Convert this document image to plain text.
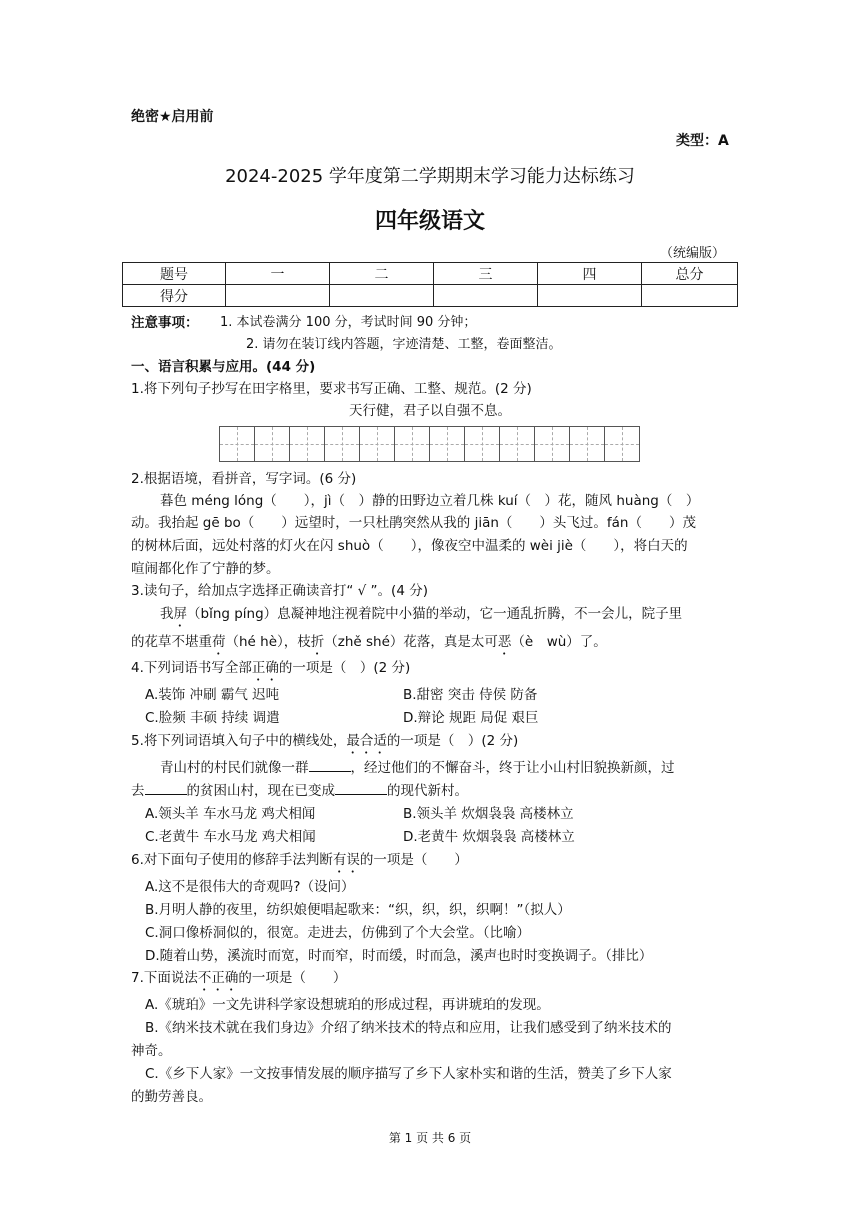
绝密★启用前
类型：A
2024-2025 学年度第二学期期末学习能力达标练习
四年级语文
（统编版）
题号	一	二	三	四	总分
得分					
注意事项： 1. 本试卷满分 100 分，考试时间 90 分钟；
2. 请勿在装订线内答题，字迹清楚、工整，卷面整洁。
一、语言积累与应用。(44 分)
1.将下列句子抄写在田字格里，要求书写正确、工整、规范。(2 分)
天行健，君子以自强不息。
2.根据语境，看拼音，写字词。(6 分)
暮色 méng lóng（　　），jì（　）静的田野边立着几株 kuí（　）花，随风 huàng（　）
动。我抬起 gē bo（　　）远望时，一只杜鹃突然从我的 jiān（　　）头飞过。fán（　　）茂
的树林后面，远处村落的灯火在闪 shuò（　　），像夜空中温柔的 wèi jiè（　　），将白天的
喧闹都化作了宁静的梦。
3.读句子，给加点字选择正确读音打“ √ ”。(4 分)
我屏（bǐng píng）息凝神地注视着院中小猫的举动，它一通乱折腾，不一会儿，院子里
的花草不堪重荷（hé hè），枝折（zhě shé）花落，真是太可恶（è　wù）了。
4.下列词语书写全部正确的一项是（　）(2 分)
A.装饰 冲刷 霸气 迟吨	B.甜密 突击 侍侯 防备
C.脸频 丰硕 持续 调遣	D.辩论 规距 局促 艰巨
5.将下列词语填入句子中的横线处，最合适的一项是（　）(2 分)
青山村的村民们就像一群	，经过他们的不懈奋斗，终于让小山村旧貌换新颜，过
去	的贫困山村，现在已变成	的现代新村。
A.领头羊 车水马龙 鸡犬相闻	B.领头羊 炊烟袅袅 高楼林立
C.老黄牛 车水马龙 鸡犬相闻	D.老黄牛 炊烟袅袅 高楼林立
6.对下面句子使用的修辞手法判断有误的一项是（　　）
A.这不是很伟大的奇观吗?（设问）
B.月明人静的夜里，纺织娘便唱起歌来：“织，织，织，织啊！”（拟人）
C.洞口像桥洞似的，很宽。走进去，仿佛到了个大会堂。（比喻）
D.随着山势，溪流时而宽，时而窄，时而缓，时而急，溪声也时时变换调子。（排比）
7.下面说法不正确的一项是（　　）
A.《琥珀》一文先讲科学家设想琥珀的形成过程，再讲琥珀的发现。
B.《纳米技术就在我们身边》介绍了纳米技术的特点和应用，让我们感受到了纳米技术的
神奇。
C.《乡下人家》一文按事情发展的顺序描写了乡下人家朴实和谐的生活，赞美了乡下人家
的勤劳善良。
第 1 页 共 6 页
